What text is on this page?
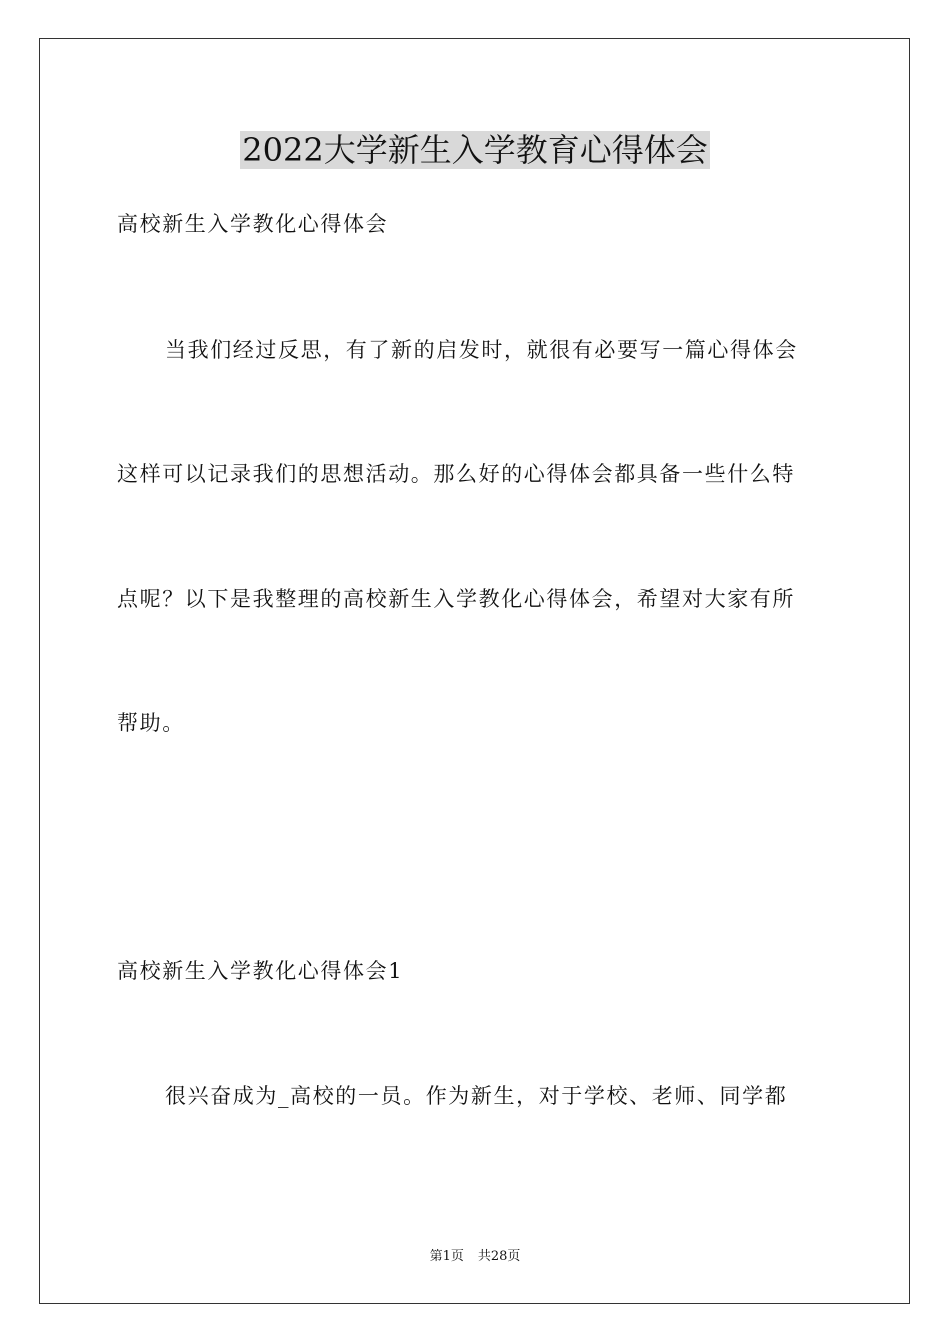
2022大学新生入学教育心得体会

高校新生入学教化心得体会

当我们经过反思，有了新的启发时，就很有必要写一篇心得体会

这样可以记录我们的思想活动。那么好的心得体会都具备一些什么特

点呢？以下是我整理的高校新生入学教化心得体会，希望对大家有所

帮助。

高校新生入学教化心得体会1

很兴奋成为_高校的一员。作为新生，对于学校、老师、同学都

第1页 共28页
